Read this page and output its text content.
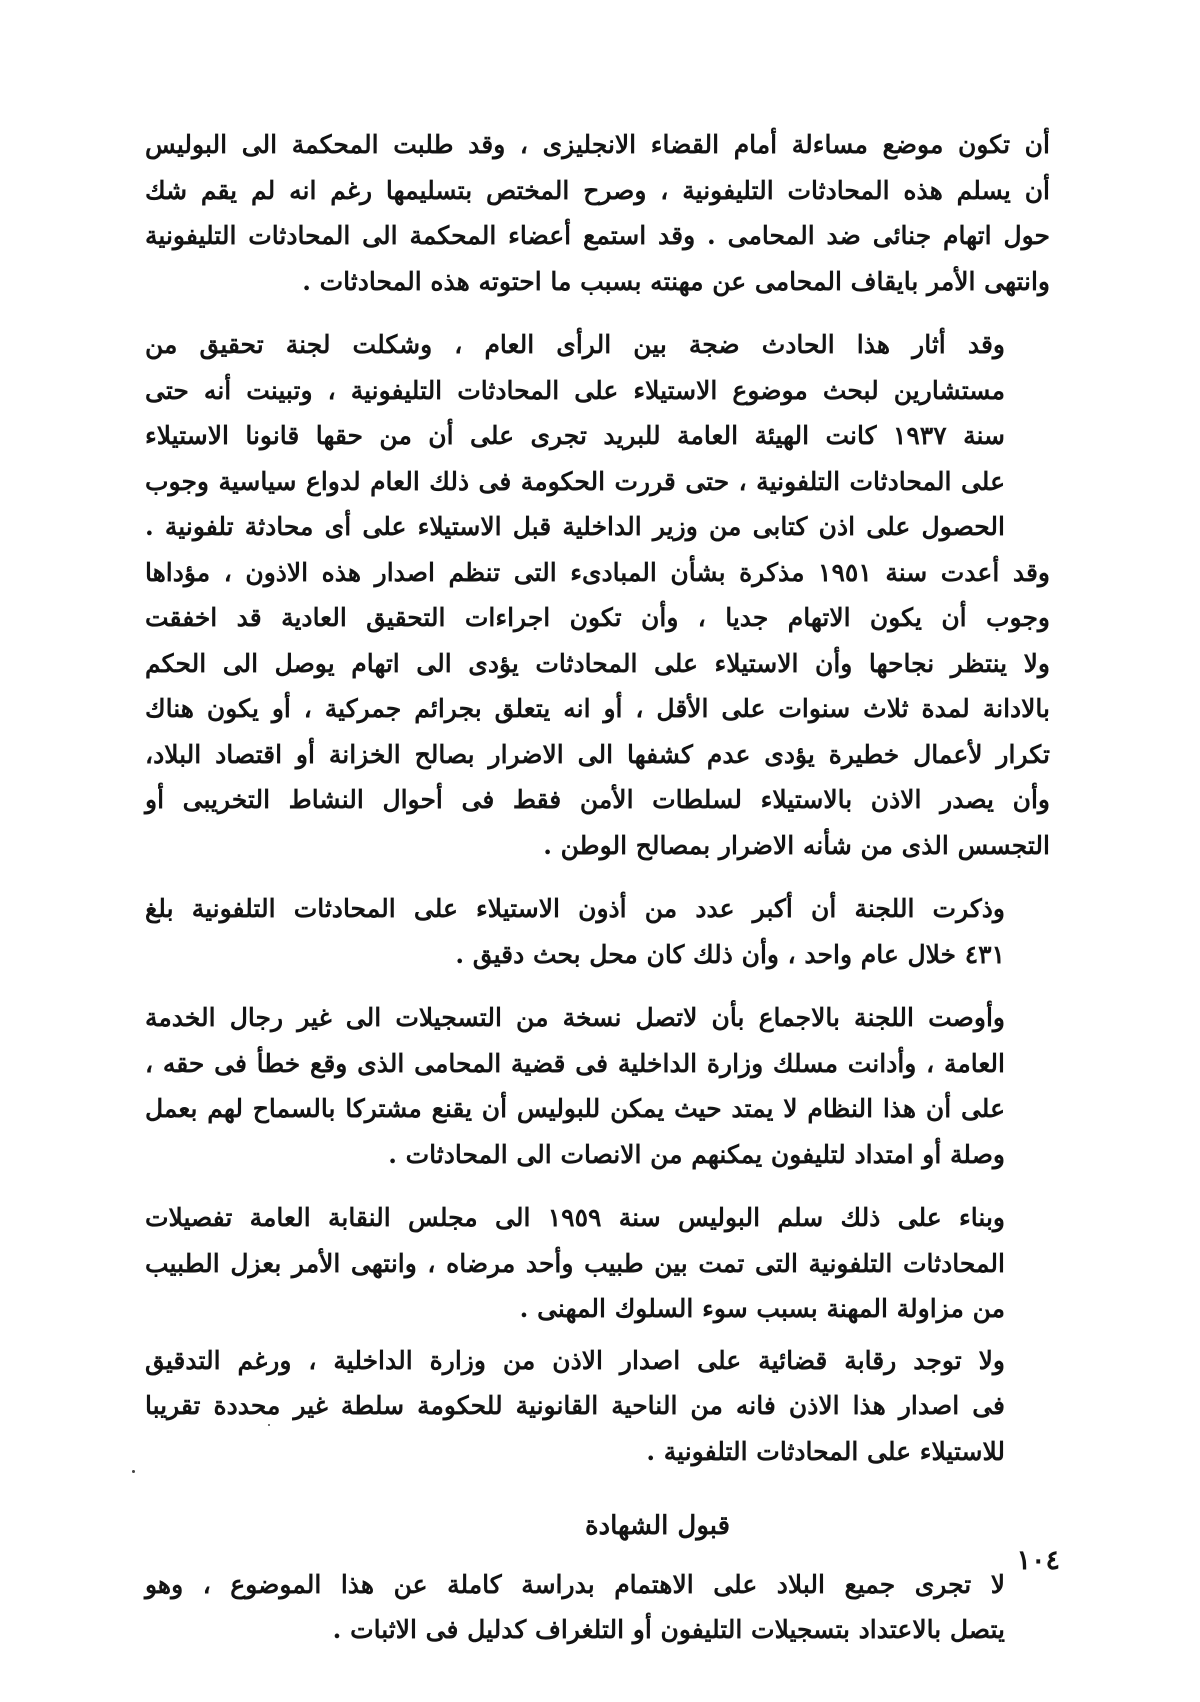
أن تكون موضع مساءلة أمام القضاء الانجليزى ، وقد طلبت المحكمة الى البوليس
أن يسلم هذه المحادثات التليفونية ، وصرح المختص بتسليمها رغم انه لم يقم شك
حول اتهام جنائى ضد المحامى . وقد استمع أعضاء المحكمة الى المحادثات التليفونية
وانتهى الأمر بايقاف المحامى عن مهنته بسبب ما احتوته هذه المحادثات .

وقد أثار هذا الحادث ضجة بين الرأى العام ، وشكلت لجنة تحقيق من
مستشارين لبحث موضوع الاستيلاء على المحادثات التليفونية ، وتبينت أنه حتى
سنة ١٩٣٧ كانت الهيئة العامة للبريد تجرى على أن من حقها قانونا الاستيلاء
على المحادثات التلفونية ، حتى قررت الحكومة فى ذلك العام لدواع سياسية وجوب
الحصول على اذن كتابى من وزير الداخلية قبل الاستيلاء على أى محادثة تلفونية .

وقد أعدت سنة ١٩٥١ مذكرة بشأن المبادىء التى تنظم اصدار هذه الاذون ، مؤداها
وجوب أن يكون الاتهام جديا ، وأن تكون اجراءات التحقيق العادية قد اخفقت
ولا ينتظر نجاحها وأن الاستيلاء على المحادثات يؤدى الى اتهام يوصل الى الحكم
بالادانة لمدة ثلاث سنوات على الأقل ، أو انه يتعلق بجرائم جمركية ، أو يكون هناك
تكرار لأعمال خطيرة يؤدى عدم كشفها الى الاضرار بصالح الخزانة أو اقتصاد البلاد،
وأن يصدر الاذن بالاستيلاء لسلطات الأمن فقط فى أحوال النشاط التخريبى أو
التجسس الذى من شأنه الاضرار بمصالح الوطن .

وذكرت اللجنة أن أكبر عدد من أذون الاستيلاء على المحادثات التلفونية بلغ
٤٣١ خلال عام واحد ، وأن ذلك كان محل بحث دقيق .

وأوصت اللجنة بالاجماع بأن لاتصل نسخة من التسجيلات الى غير رجال الخدمة
العامة ، وأدانت مسلك وزارة الداخلية فى قضية المحامى الذى وقع خطأ فى حقه ،
على أن هذا النظام لا يمتد حيث يمكن للبوليس أن يقنع مشتركا بالسماح لهم بعمل
وصلة أو امتداد لتليفون يمكنهم من الانصات الى المحادثات .

وبناء على ذلك سلم البوليس سنة ١٩٥٩ الى مجلس النقابة العامة تفصيلات
المحادثات التلفونية التى تمت بين طبيب وأحد مرضاه ، وانتهى الأمر بعزل الطبيب
من مزاولة المهنة بسبب سوء السلوك المهنى .

ولا توجد رقابة قضائية على اصدار الاذن من وزارة الداخلية ، ورغم التدقيق
فى اصدار هذا الاذن فانه من الناحية القانونية للحكومة سلطة غير محددة تقريبا
للاستيلاء على المحادثات التلفونية .

قبول الشهادة

لا تجرى جميع البلاد على الاهتمام بدراسة كاملة عن هذا الموضوع ، وهو
يتصل بالاعتداد بتسجيلات التليفون أو التلغراف كدليل فى الاثبات .

١٠٤
